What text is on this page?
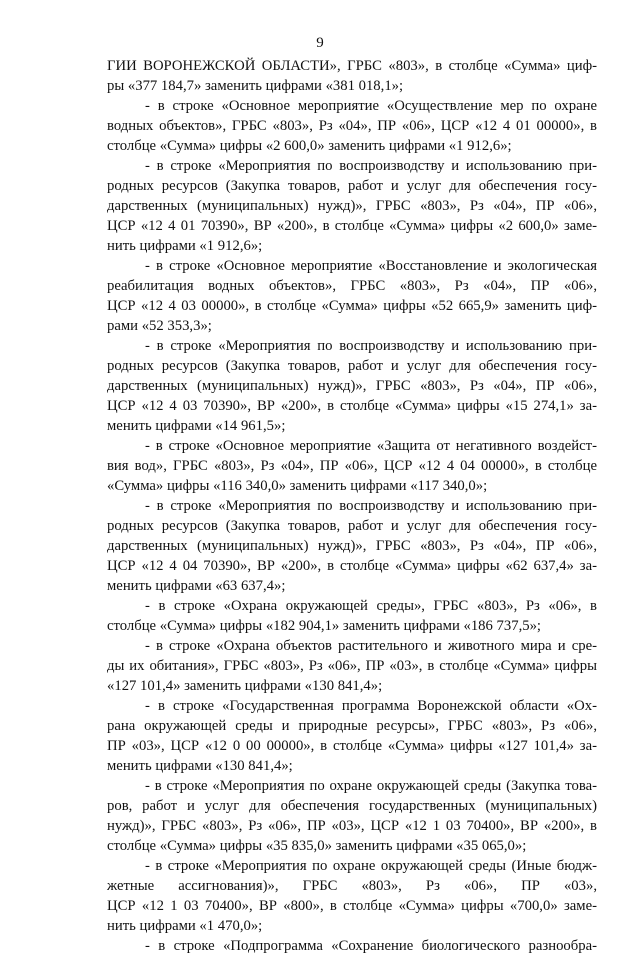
9
ГИИ ВОРОНЕЖСКОЙ ОБЛАСТИ», ГРБС «803», в столбце «Сумма» циф-
ры «377 184,7» заменить цифрами «381 018,1»;
- в строке «Основное мероприятие «Осуществление мер по охране
водных объектов», ГРБС «803», Рз «04», ПР «06», ЦСР «12 4 01 00000», в
столбце «Сумма» цифры «2 600,0» заменить цифрами «1 912,6»;
- в строке «Мероприятия по воспроизводству и использованию при-
родных ресурсов (Закупка товаров, работ и услуг для обеспечения госу-
дарственных (муниципальных) нужд)», ГРБС «803», Рз «04», ПР «06»,
ЦСР «12 4 01 70390», ВР «200», в столбце «Сумма» цифры «2 600,0» заме-
нить цифрами «1 912,6»;
- в строке «Основное мероприятие «Восстановление и экологическая
реабилитация водных объектов», ГРБС «803», Рз «04», ПР «06»,
ЦСР «12 4 03 00000», в столбце «Сумма» цифры «52 665,9» заменить циф-
рами «52 353,3»;
- в строке «Мероприятия по воспроизводству и использованию при-
родных ресурсов (Закупка товаров, работ и услуг для обеспечения госу-
дарственных (муниципальных) нужд)», ГРБС «803», Рз «04», ПР «06»,
ЦСР «12 4 03 70390», ВР «200», в столбце «Сумма» цифры «15 274,1» за-
менить цифрами «14 961,5»;
- в строке «Основное мероприятие «Защита от негативного воздейст-
вия вод», ГРБС «803», Рз «04», ПР «06», ЦСР «12 4 04 00000», в столбце
«Сумма» цифры «116 340,0» заменить цифрами «117 340,0»;
- в строке «Мероприятия по воспроизводству и использованию при-
родных ресурсов (Закупка товаров, работ и услуг для обеспечения госу-
дарственных (муниципальных) нужд)», ГРБС «803», Рз «04», ПР «06»,
ЦСР «12 4 04 70390», ВР «200», в столбце «Сумма» цифры «62 637,4» за-
менить цифрами «63 637,4»;
- в строке «Охрана окружающей среды», ГРБС «803», Рз «06», в
столбце «Сумма» цифры «182 904,1» заменить цифрами «186 737,5»;
- в строке «Охрана объектов растительного и животного мира и сре-
ды их обитания», ГРБС «803», Рз «06», ПР «03», в столбце «Сумма» цифры
«127 101,4» заменить цифрами «130 841,4»;
- в строке «Государственная программа Воронежской области «Ох-
рана окружающей среды и природные ресурсы», ГРБС «803», Рз «06»,
ПР «03», ЦСР «12 0 00 00000», в столбце «Сумма» цифры «127 101,4» за-
менить цифрами «130 841,4»;
- в строке «Мероприятия по охране окружающей среды (Закупка това-
ров, работ и услуг для обеспечения государственных (муниципальных)
нужд)», ГРБС «803», Рз «06», ПР «03», ЦСР «12 1 03 70400», ВР «200», в
столбце «Сумма» цифры «35 835,0» заменить цифрами «35 065,0»;
- в строке «Мероприятия по охране окружающей среды (Иные бюдж-
жетные ассигнования)», ГРБС «803», Рз «06», ПР «03»,
ЦСР «12 1 03 70400», ВР «800», в столбце «Сумма» цифры «700,0» заме-
нить цифрами «1 470,0»;
- в строке «Подпрограмма «Сохранение биологического разнообра-
